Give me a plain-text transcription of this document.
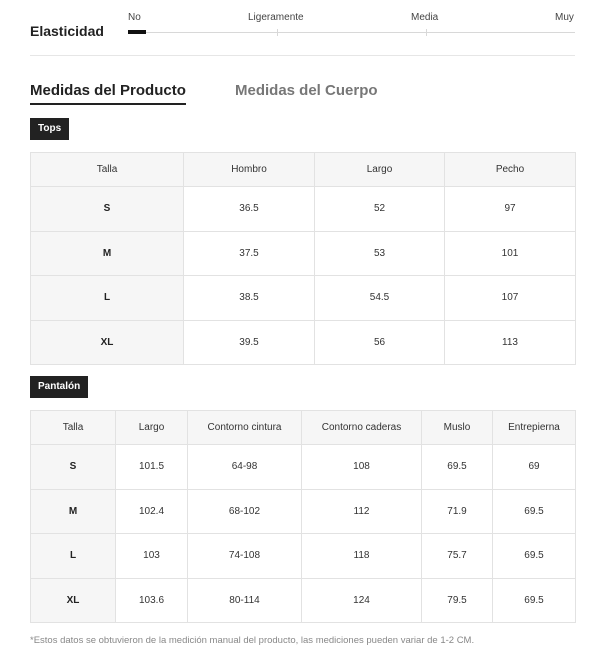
Elasticidad
No	Ligeramente	Media	Muy
Medidas del Producto	Medidas del Cuerpo
Tops
Talla	Hombro	Largo	Pecho
S	36.5	52	97
M	37.5	53	101
L	38.5	54.5	107
XL	39.5	56	113
Pantalón
Talla	Largo	Contorno cintura	Contorno caderas	Muslo	Entrepierna
S	101.5	64-98	108	69.5	69
M	102.4	68-102	112	71.9	69.5
L	103	74-108	118	75.7	69.5
XL	103.6	80-114	124	79.5	69.5
*Estos datos se obtuvieron de la medición manual del producto, las mediciones pueden variar de 1-2 CM.
